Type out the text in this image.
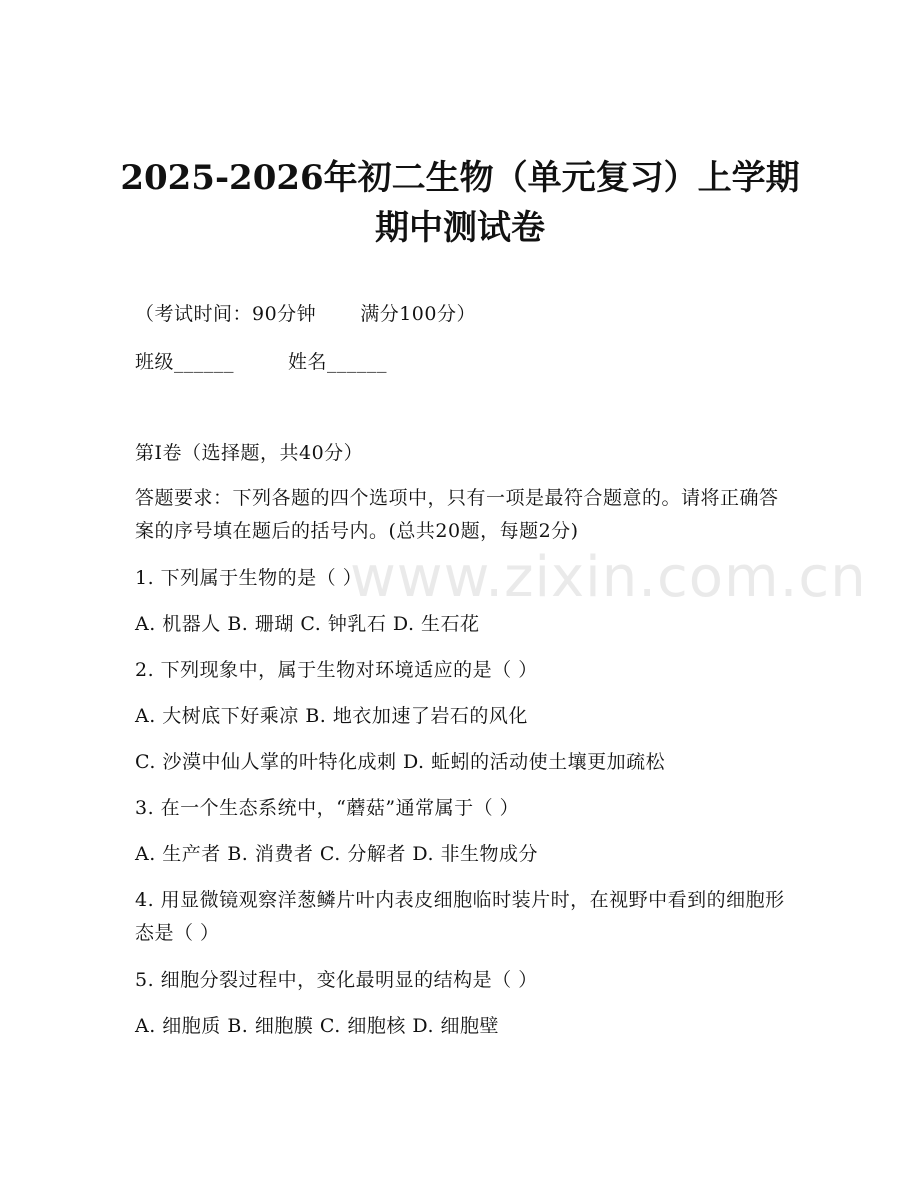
www.zixin.com.cn
2025-2026年初二生物（单元复习）上学期
期中测试卷
（考试时间：90分钟 满分100分）
班级______	姓名______
第Ⅰ卷（选择题，共40分）

答题要求：下列各题的四个选项中，只有一项是最符合题意的。请将正确答案的序号填在题后的括号内。(总共20题，每题2分)

1. 下列属于生物的是（ ）
A. 机器人 B. 珊瑚 C. 钟乳石 D. 生石花
2. 下列现象中，属于生物对环境适应的是（ ）
A. 大树底下好乘凉 B. 地衣加速了岩石的风化
C. 沙漠中仙人掌的叶特化成刺 D. 蚯蚓的活动使土壤更加疏松
3. 在一个生态系统中，“蘑菇”通常属于（ ）
A. 生产者 B. 消费者 C. 分解者 D. 非生物成分

4. 用显微镜观察洋葱鳞片叶内表皮细胞临时装片时，在视野中看到的细胞形态是（ ）

5. 细胞分裂过程中，变化最明显的结构是（ ）
A. 细胞质 B. 细胞膜 C. 细胞核 D. 细胞壁
